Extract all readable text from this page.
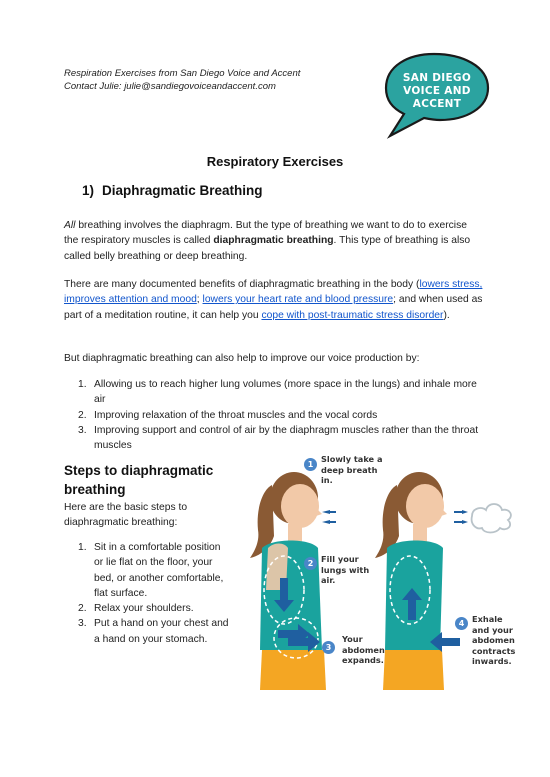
Respiration Exercises from San Diego Voice and Accent
Contact Julie: julie@sandiegovoiceandaccent.com
SAN DIEGO
VOICE AND
ACCENT
Respiratory Exercises
1) Diaphragmatic Breathing
All breathing involves the diaphragm. But the type of breathing we want to do to exercise the respiratory muscles is called diaphragmatic breathing. This type of breathing is also called belly breathing or deep breathing.
There are many documented benefits of diaphragmatic breathing in the body (lowers stress, improves attention and mood; lowers your heart rate and blood pressure; and when used as part of a meditation routine, it can help you cope with post-traumatic stress disorder).
But diaphragmatic breathing can also help to improve our voice production by:
1. Allowing us to reach higher lung volumes (more space in the lungs) and inhale more air
2. Improving relaxation of the throat muscles and the vocal cords
3. Improving support and control of air by the diaphragm muscles rather than the throat muscles
Steps to diaphragmatic breathing
Here are the basic steps to diaphragmatic breathing:
1. Sit in a comfortable position or lie flat on the floor, your bed, or another comfortable, flat surface.
2. Relax your shoulders.
3. Put a hand on your chest and a hand on your stomach.
1
Slowly take a deep breath in.
2 Fill your lungs with air.
3
Your abdomen expands.
4 Exhale and your abdomen contracts inwards.
